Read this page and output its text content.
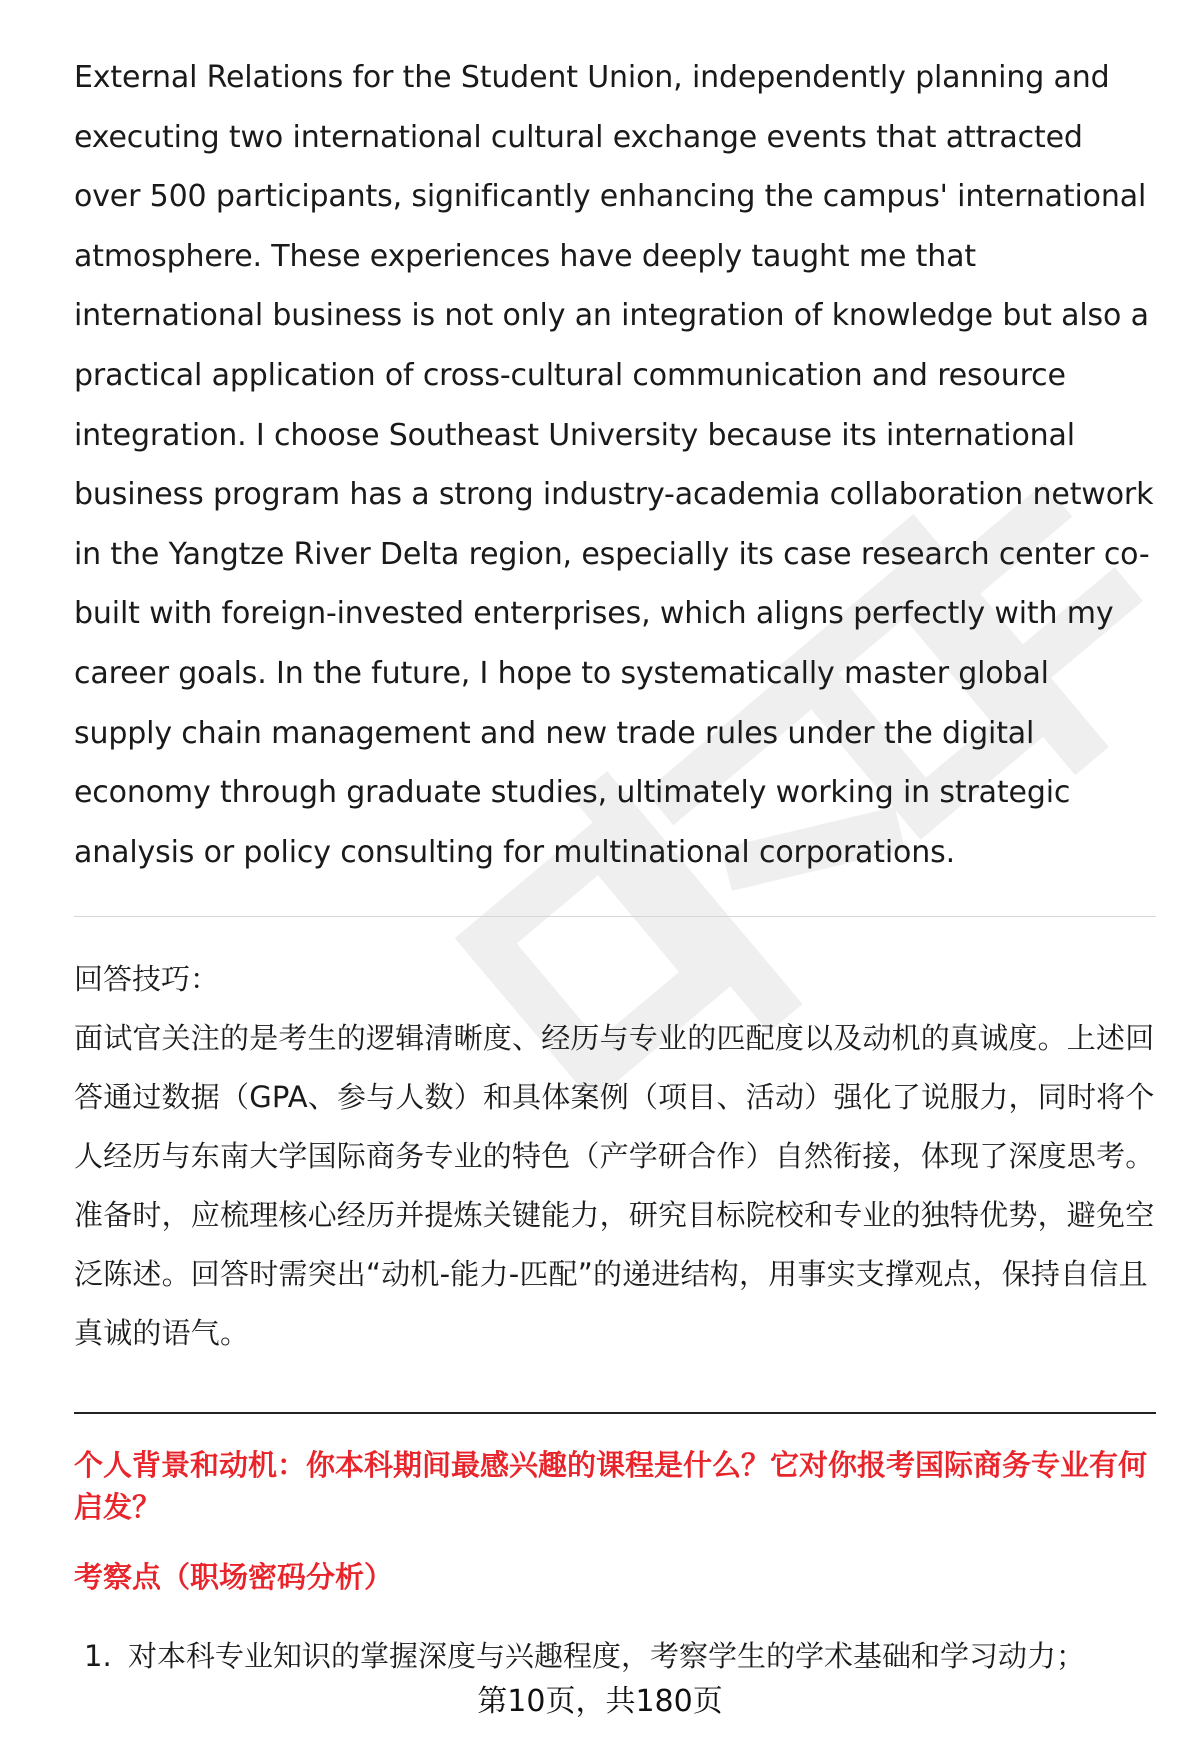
External Relations for the Student Union, independently planning and executing two international cultural exchange events that attracted over 500 participants, significantly enhancing the campus' international atmosphere. These experiences have deeply taught me that international business is not only an integration of knowledge but also a practical application of cross-cultural communication and resource integration. I choose Southeast University because its international business program has a strong industry-academia collaboration network in the Yangtze River Delta region, especially its case research center co-built with foreign-invested enterprises, which aligns perfectly with my career goals. In the future, I hope to systematically master global supply chain management and new trade rules under the digital economy through graduate studies, ultimately working in strategic analysis or policy consulting for multinational corporations.

回答技巧：

面试官关注的是考生的逻辑清晰度、经历与专业的匹配度以及动机的真诚度。上述回答通过数据（GPA、参与人数）和具体案例（项目、活动）强化了说服力，同时将个人经历与东南大学国际商务专业的特色（产学研合作）自然衔接，体现了深度思考。准备时，应梳理核心经历并提炼关键能力，研究目标院校和专业的独特优势，避免空泛陈述。回答时需突出“动机-能力-匹配”的递进结构，用事实支撑观点，保持自信且真诚的语气。

个人背景和动机：你本科期间最感兴趣的课程是什么？它对你报考国际商务专业有何启发？

考察点（职场密码分析）

1. 对本科专业知识的掌握深度与兴趣程度，考察学生的学术基础和学习动力；
第10页，共180页
